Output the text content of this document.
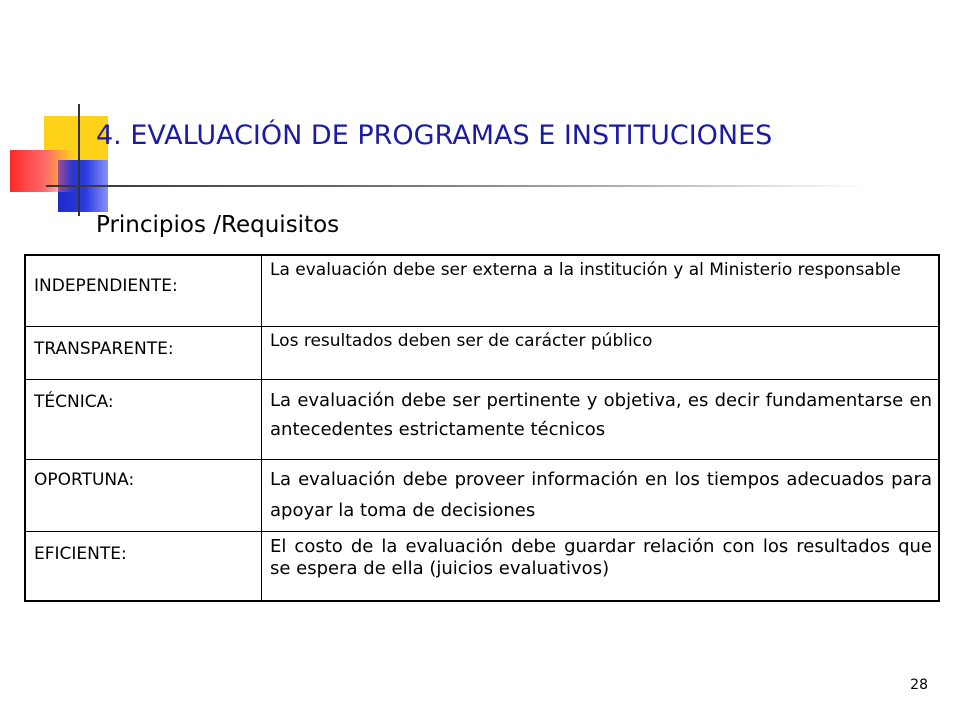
4. EVALUACIÓN DE PROGRAMAS E INSTITUCIONES
Principios /Requisitos
INDEPENDIENTE:	La evaluación debe ser externa a la institución y al Ministerio responsable
TRANSPARENTE:	Los resultados deben ser de carácter público
TÉCNICA:	La evaluación debe ser pertinente y objetiva, es decir fundamentarse en antecedentes estrictamente técnicos
OPORTUNA:	La evaluación debe proveer información en los tiempos adecuados para apoyar la toma de decisiones
EFICIENTE:	El costo de la evaluación debe guardar relación con los resultados que se espera de ella (juicios evaluativos)
28
